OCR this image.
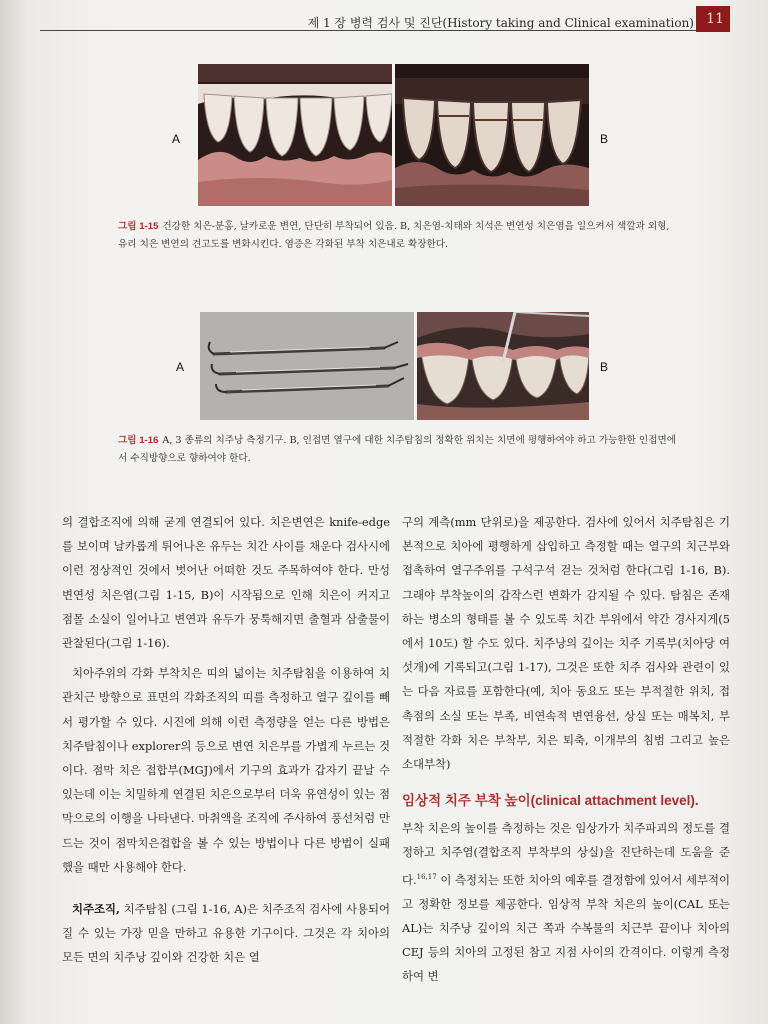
제 1 장 병력 검사 및 진단(History taking and Clinical examination) 11
A	B
그림 1-15 건강한 치은-분홍, 날카로운 변연, 단단히 부착되어 있음. B, 치은염-치태와 치석은 변연성 치은염을 일으켜서 색깔과 외형, 유리 치은 변연의 견고도를 변화시킨다. 염증은 각화된 부착 치은내로 확장한다.
A	B
그림 1-16 A, 3 종류의 치주낭 측정기구. B, 인접면 열구에 대한 치주탐침의 정확한 위치는 치면에 평행하여야 하고 가능한한 인접면에서 수직방향으로 향하여야 한다.

의 결합조직에 의해 굳게 연결되어 있다. 치은변연은 knife-edge를 보이며 날카롭게 튀어나온 유두는 치간 사이를 채운다 검사시에 이런 정상적인 것에서 벗어난 어떠한 것도 주목하여야 한다. 만성 변연성 치은염(그림 1-15, B)이 시작됨으로 인해 치은이 커지고 점몰 소실이 일어나고 변연과 유두가 뭉툭해지면 출혈과 삼출물이 관찰된다(그림 1-16).

치아주위의 각화 부착치은 띠의 넓이는 치주탐침을 이용하여 치관치근 방향으로 표면의 각화조직의 띠를 측정하고 열구 깊이를 빼서 평가할 수 있다. 시진에 의해 이런 측정량을 얻는 다른 방법은 치주탐침이나 explorer의 등으로 변연 치은부를 가볍게 누르는 것이다. 점막 치은 접합부(MGJ)에서 기구의 효과가 갑자기 끝날 수 있는데 이는 치밀하게 연결된 치은으로부터 더욱 유연성이 있는 점막으로의 이행을 나타낸다. 마취액을 조직에 주사하여 풍선처럼 만드는 것이 점막치은접합을 볼 수 있는 방법이나 다른 방법이 실패했을 때만 사용해야 한다.

치주조직, 치주탐침 (그림 1-16, A)은 치주조직 검사에 사용되어 질 수 있는 가장 믿을 만하고 유용한 기구이다. 그것은 각 치아의 모든 면의 치주낭 깊이와 건강한 치은 열

구의 계측(mm 단위로)을 제공한다. 검사에 있어서 치주탐침은 기본적으로 치아에 평행하게 삽입하고 측정할 때는 열구의 치근부와 접촉하여 열구주위를 구석구석 걷는 것처럼 한다(그림 1-16, B). 그래야 부착높이의 갑작스런 변화가 감지될 수 있다. 탐침은 존재하는 병소의 형태를 볼 수 있도록 치간 부위에서 약간 경사지게(5에서 10도) 할 수도 있다. 치주낭의 깊이는 치주 기록부(치아당 여섯개)에 기록되고(그림 1-17), 그것은 또한 치주 검사와 관련이 있는 다음 자료를 포함한다(예, 치아 동요도 또는 부적절한 위치, 접촉점의 소실 또는 부족, 비연속적 변연융선, 상실 또는 매복치, 부적절한 각화 치은 부착부, 치은 퇴축, 이개부의 침범 그리고 높은 소대부착)

임상적 치주 부착 높이(clinical attachment level).

부착 치은의 높이를 측정하는 것은 임상가가 치주파괴의 정도를 결정하고 치주염(결합조직 부착부의 상실)을 진단하는데 도움을 준다.$^{16,17}$ 이 측정치는 또한 치아의 예후를 결정함에 있어서 세부적이고 정확한 정보를 제공한다. 임상적 부착 치은의 높이(CAL 또는 AL)는 치주낭 깊이의 치근 쪽과 수복물의 치근부 끝이나 치아의 CEJ 등의 치아의 고정된 참고 지점 사이의 간격이다. 이렇게 측정하여 변
